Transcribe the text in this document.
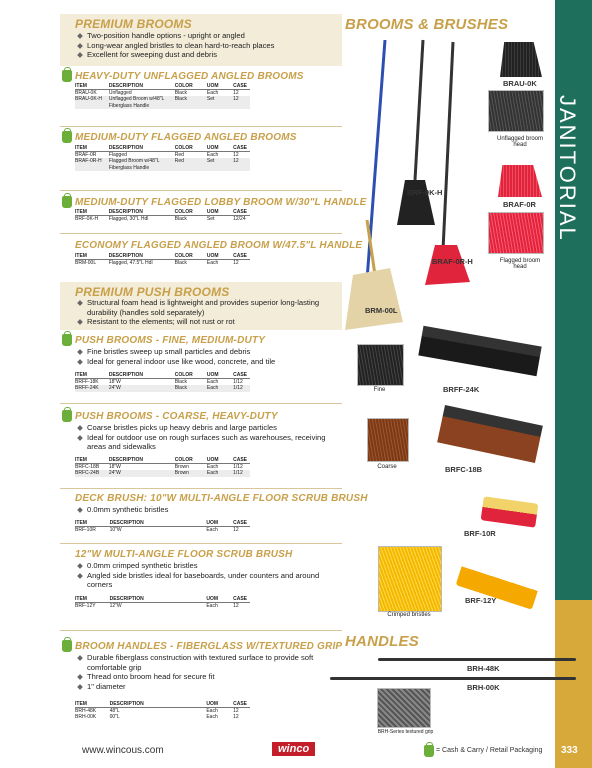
JANITORIAL
BROOMS & BRUSHES
HANDLES
PREMIUM BROOMS
Two-position handle options - upright or angled
Long-wear angled bristles to clean hard-to-reach places
Excellent for sweeping dust and debris
HEAVY-DUTY UNFLAGGED ANGLED BROOMS
ITEM	DESCRIPTION	COLOR	UOM	CASE
BRAU-0K	Unflagged	Black	Each	12
BRAU-0K-H	Unflagged Broom w/48"L Fiberglass Handle	Black	Set	12
MEDIUM-DUTY FLAGGED ANGLED BROOMS
ITEM	DESCRIPTION	COLOR	UOM	CASE
BRAF-0R	Flagged	Red	Each	12
BRAF-0R-H	Flagged Broom w/48"L Fiberglass Handle	Red	Set	12
MEDIUM-DUTY FLAGGED LOBBY BROOM W/30"L HANDLE
ITEM	DESCRIPTION	COLOR	UOM	CASE
BRF-0K-H	Flagged, 30"L Hdl	Black	Set	12/24
ECONOMY FLAGGED ANGLED BROOM W/47.5"L HANDLE
ITEM	DESCRIPTION	COLOR	UOM	CASE
BRM-00L	Flagged, 47.5"L Hdl	Black	Each	12
PREMIUM PUSH BROOMS
Structural foam head is lightweight and provides superior long-lasting durability (handles sold separately)
Resistant to the elements; will not rust or rot
PUSH BROOMS - FINE, MEDIUM-DUTY
Fine bristles sweep up small particles and debris
Ideal for general indoor use like wood, concrete, and tile
ITEM	DESCRIPTION	COLOR	UOM	CASE
BRFF-18K	18"W	Black	Each	1/12
BRFF-24K	24"W	Black	Each	1/12
PUSH BROOMS - COARSE, HEAVY-DUTY
Coarse bristles picks up heavy debris and large particles
Ideal for outdoor use on rough surfaces such as warehouses, receiving areas and sidewalks
ITEM	DESCRIPTION	COLOR	UOM	CASE
BRFC-18B	18"W	Brown	Each	1/12
BRFC-24B	24"W	Brown	Each	1/12
DECK BRUSH: 10"W MULTI-ANGLE FLOOR SCRUB BRUSH
0.0mm synthetic bristles
ITEM	DESCRIPTION	UOM	CASE
BRF-10R	10"W	Each	12
12"W MULTI-ANGLE FLOOR SCRUB BRUSH
0.0mm crimped synthetic bristles
Angled side bristles ideal for baseboards, under counters and around corners
ITEM	DESCRIPTION	UOM	CASE
BRF-12Y	12"W	Each	12
BROOM HANDLES - FIBERGLASS W/TEXTURED GRIP
Durable fiberglass construction with textured surface to provide soft comfortable grip
Thread onto broom head for secure fit
1" diameter
ITEM	DESCRIPTION	UOM	CASE
BRH-48K	48"L	Each	12
BRH-00K	00"L	Each	12
BRF-0K-H
BRAF-0R-H
BRM-00L
BRAU-0K
Unflagged broom head
BRAF-0R
Flagged broom head
Fine	BRFF-24K
Coarse	BRFC-18B
BRF-10R
Crimped bristles
BRF-12Y
BRH-48K
BRH-00K
BRH-Series textured grip
www.wincous.com	winco	= Cash & Carry / Retail Packaging 333
